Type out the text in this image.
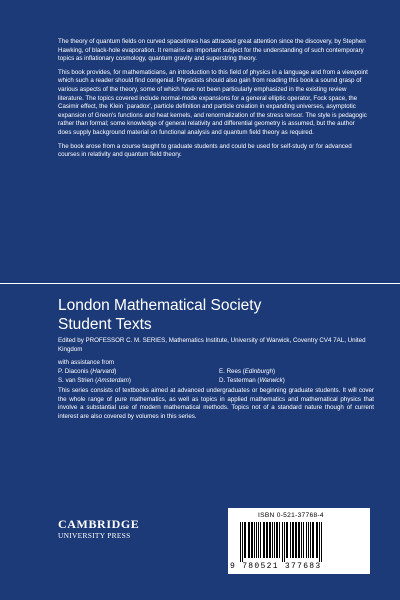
The theory of quantum fields on curved spacetimes has attracted great attention since the discovery, by Stephen Hawking, of black-hole evaporation. It remains an important subject for the understanding of such contemporary topics as inflationary cosmology, quantum gravity and superstring theory.

This book provides, for mathematicians, an introduction to this field of physics in a language and from a viewpoint which such a reader should find congenial. Physicists should also gain from reading this book a sound grasp of various aspects of the theory, some of which have not been particularly emphasized in the existing review literature. The topics covered include normal-mode expansions for a general elliptic operator, Fock space, the Casimir effect, the Klein `paradox', particle definition and particle creation in expanding universes, asymptotic expansion of Green's functions and heat kernels, and renormalization of the stress tensor. The style is pedagogic rather than formal; some knowledge of general relativity and differential geometry is assumed, but the author does supply background material on functional analysis and quantum field theory as required.

The book arose from a course taught to graduate students and could be used for self-study or for advanced courses in relativity and quantum field theory.

London Mathematical Society
Student Texts
Edited by PROFESSOR C. M. SERIES, Mathematics Institute, University of Warwick, Coventry CV4 7AL, United Kingdom
with assistance from
P. Diaconis (Harvard)	E. Rees (Edinburgh)
S. van Strien (Amsterdam)	D. Testerman (Warwick)
This series consists of textbooks aimed at advanced undergraduates or beginning graduate students. It will cover the whole range of pure mathematics, as well as topics in applied mathematics and mathematical physics that involve a substantial use of modern mathematical methods. Topics not of a standard nature though of current interest are also covered by volumes in this series.
CAMBRIDGE
UNIVERSITY PRESS
ISBN 0-521-37768-4
9 780521 377683
